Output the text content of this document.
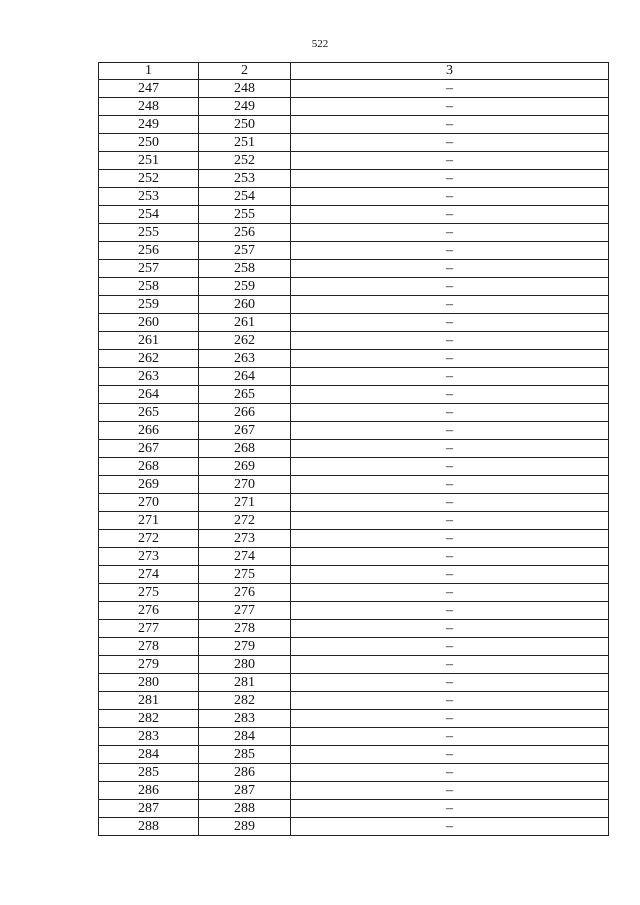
522
1	2	3
247	248	–
248	249	–
249	250	–
250	251	–
251	252	–
252	253	–
253	254	–
254	255	–
255	256	–
256	257	–
257	258	–
258	259	–
259	260	–
260	261	–
261	262	–
262	263	–
263	264	–
264	265	–
265	266	–
266	267	–
267	268	–
268	269	–
269	270	–
270	271	–
271	272	–
272	273	–
273	274	–
274	275	–
275	276	–
276	277	–
277	278	–
278	279	–
279	280	–
280	281	–
281	282	–
282	283	–
283	284	–
284	285	–
285	286	–
286	287	–
287	288	–
288	289	–
